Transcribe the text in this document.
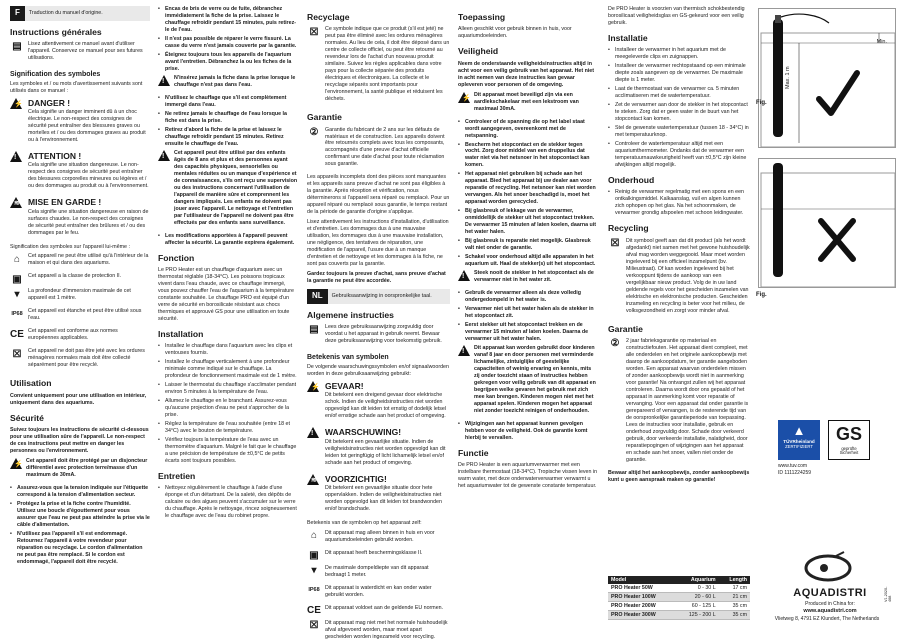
F	Traduction du manuel d'origine.
Instructions générales
▤	Lisez attentivement ce manuel avant d'utiliser l'appareil. Conservez ce manuel pour ses futures utilisations.

Signification des symboles

Les symboles et / ou mots d'avertissement suivants sont utilisés dans ce manuel :

⚡ DANGER !

Cela signifie un danger imminent dû à un choc électrique. Le non-respect des consignes de sécurité peut entraîner des blessures graves ou mortelles et / ou des dommages graves au produit ou à l'environnement.

! ATTENTION !

Cela signifie une situation dangereuse. Le non-respect des consignes de sécurité peut entraîner des blessures corporelles mineures ou légères et / ou des dommages au produit ou à l'environnement.

≋ MISE EN GARDE !

Cela signifie une situation dangereuse en raison de surfaces chaudes. Le non-respect des consignes de sécurité peut entraîner des brûlures et / ou des dommages par le feu.

Signification des symboles sur l'appareil lui-même :

⌂	Cet appareil ne peut être utilisé qu'à l'intérieur de la maison et qui dans des aquariums.

▣	Cet appareil a la classe de protection II.

▾	La profondeur d'immersion maximale de cet appareil est 1 mètre.

IP68 Cet appareil est étanche et peut être utilisé sous l'eau.

CE Cet appareil est conforme aux normes européennes applicables.

☒	Cet appareil ne doit pas être jeté avec les ordures ménagères normales mais doit être collecté séparément pour être recyclé.

Utilisation

Convient uniquement pour une utilisation en intérieur, uniquement dans des aquariums.

Sécurité

Suivez toujours les instructions de sécurité ci-dessous pour une utilisation sûre de l'appareil. Le non-respect de ces instructions peut mettre en danger les personnes ou l'environnement.

⚡ Cet appareil doit être protégé par un disjoncteur différentiel avec protection terre/masse d'un maximum de 30mA.

• Assurez-vous que la tension indiquée sur l'étiquette correspond à la tension d'alimentation secteur.
• Protégez la prise et la fiche contre l'humidité. Utilisez une boucle d'égouttement pour vous assurer que l'eau ne peut pas atteindre la prise via le câble d'alimentation.
• N'utilisez pas l'appareil s'il est endommagé. Retournez l'appareil à votre revendeur pour réparation ou recyclage. Le cordon d'alimentation ne peut pas être remplacé. Si le cordon est endommagé, l'appareil doit être recyclé.
• Encas de bris de verre ou de fuite, débranchez immédiatement la fiche de la prise. Laissez le chauffage refroidir pendant 15 minutes, puis retirez-le de l'eau.
• Il n'est pas possible de réparer le verre fissuré. La casse du verre n'est jamais couverte par la garantie.
• Éteignez toujours tous les appareils de l'aquarium avant l'entretien. Débranchez la ou les fiches de la prise.
! N'insérez jamais la fiche dans la prise lorsque le chauffage n'est pas dans l'eau.

• N'utilisez le chauffage que s'il est complètement immergé dans l'eau.
• Ne retirez jamais le chauffage de l'eau lorsque la fiche est dans la prise.
• Retirez d'abord la fiche de la prise et laissez le chauffage refroidir pendant 15 minutes. Retirez ensuite le chauffage de l'eau.
! Cet appareil peut être utilisé par des enfants âgés de 8 ans et plus et des personnes ayant des capacités physiques, sensorielles ou mentales réduites ou un manque d'expérience et de connaissances, s'ils ont reçu une supervision ou des instructions concernant l'utilisation de l'appareil de manière sûre et comprennent les dangers impliqués. Les enfants ne doivent pas jouer avec l'appareil. Le nettoyage et l'entretien par l'utilisateur de l'appareil ne doivent pas être effectués par des enfants sans surveillance.

• Les modifications apportées à l'appareil peuvent affecter la sécurité. La garantie expirera également.
Fonction

Le PRO Heater est un chauffage d'aquarium avec un thermostat réglable (18-34°C). Les poissons tropicaux vivent dans l'eau chaude, avec ce chauffage immergé, vous pouvez chauffer l'eau de l'aquarium à la température constante souhaitée. Le chauffage PRO est équipé d'un verre de sécurité en borosilicate résistant aux chocs thermiques et approuvé GS pour une utilisation en toute sécurité.

Installation
• Installez le chauffage dans l'aquarium avec les clips et ventouses fournis.
• Installez le chauffage verticalement à une profondeur minimale comme indiqué sur le chauffage. La profondeur de fonctionnement maximale est de 1 mètre.
• Laisser le thermostat du chauffage s'acclimater pendant environ 5 minutes à la température de l'eau.
• Allumez le chauffage en le branchant. Assurez-vous qu'aucune projection d'eau ne peut s'approcher de la prise.
• Réglez la température de l'eau souhaitée (entre 18 et 34°C) avec le bouton de température.
• Vérifiez toujours la température de l'eau avec un thermomètre d'aquarium. Malgré le fait que le chauffage a une précision de température de ±0,5°C de petits écarts sont toujours possibles.
Entretien
• Nettoyez régulièrement le chauffage à l'aide d'une éponge et d'un détartrant. De la saleté, des dépôts de calcaire ou des algues peuvent s'accumuler sur le verre du chauffage. Après le nettoyage, rincez soigneusement le chauffage avec de l'eau du robinet propre.
Recyclage
☒	Ce symbole indique que ce produit (s'il est jeté) ne peut pas être éliminé avec les ordures ménagères normales. Au lieu de cela, il doit être déposé dans un centre de collecte officiel, ou peut être retourné au revendeur lors de l'achat d'un nouveau produit similaire. Suivez les règles applicables dans votre pays pour la collecte séparée des produits électriques et électroniques. La collecte et le recyclage séparés sont importants pour l'environnement, la santé publique et réduisent les déchets.

Garantie
②	Garantie du fabricant de 2 ans sur les défauts de matériaux et de construction. Les appareils doivent être retournés complets avec tous les composants, accompagnés d'une preuve d'achat officielle confirmant une date d'achat pour toute réclamation sous garantie.

Les appareils incomplets dont des pièces sont manquantes et les appareils sans preuve d'achat ne sont pas éligibles à la garantie. Après réception et vérification, nous déterminerons si l'appareil sera réparé ou remplacé. Pour un appareil réparé ou remplacé sous garantie, le temps restant de la période de garantie d'origine s'applique.

Lisez attentivement les instructions d'installation, d'utilisation et d'entretien. Les dommages dus à une mauvaise utilisation, les dommages dus à une mauvaise installation, une négligence, des tentatives de réparation, une modification de l'appareil, l'usure due à un manque d'entretien et de nettoyage et les dommages à la fiche, ne sont pas couverts par la garantie.

Gardez toujours la preuve d'achat, sans preuve d'achat la garantie ne peut être accordée.

NL	Gebruiksaanwijzing in oorspronkelijke taal.
Algemene instructies
▤	Lees deze gebruiksaanwijzing zorgvuldig door voordat u het apparaat in gebruik neemt. Bewaar deze gebruiksaanwijzing voor toekomstig gebruik.

Betekenis van symbolen

De volgende waarschuwingssymbolen en/of signaalwoorden worden in deze gebruiksaanwijzing gebruikt:

⚡ GEVAAR!

Dit betekent een dreigend gevaar door elektrische schok. Indien de veiligheidsinstructies niet worden opgevolgd kan dit leiden tot ernstig of dodelijk letsel en/of ernstige schade aan het product of omgeving.

! WAARSCHUWING!

Dit betekent een gevaarlijke situatie. Indien de veiligheidsinstructies niet worden opgevolgd kan dit leiden tot geringfügig of licht lichamelijk letsel en/of schade aan het product of omgeving.

≋ VOORZICHTIG!

Dit betekent een gevaarlijke situatie door hete oppervlakken. Indien de veiligheidsinstructies niet worden opgevolgd kan dit leiden tot brandwonden en/of brandschade.

Betekenis van de symbolen op het apparaat zelf:

⌂	Dit apparaat mag alleen binnen in huis en voor aquariumdoeleinden gebruikt worden.

▣	Dit apparaat heeft beschermingsklasse II.

▾	De maximale dompeldiepte van dit apparaat bedraagt 1 meter.

IP68 Dit apparaat is waterdicht en kan onder water gebruikt worden.

CE Dit apparaat voldoet aan de geldende EU normen.

☒	Dit apparaat mag niet met het normale huishoudelijk afval afgevoerd worden, maar moet apart gescheiden worden ingezameld voor recycling.

Toepassing

Alleen geschikt voor gebruik binnen in huis, voor aquariumdoeleinden.

Veiligheid

Neem de onderstaande veiligheidsinstructies altijd in acht voor een veilig gebruik van het apparaat. Het niet in acht nemen van deze instructies kan gevaar opleveren voor personen of de omgeving.

⚡ Dit apparaat moet beveiligd zijn via een aardlekschakelaar met een lekstroom van maximaal 30mA.

• Controleer of de spanning die op het label staat wordt aangegeven, overeenkomt met de netspanning.
• Bescherm het stopcontact en de stekker tegen vocht. Zorg door middel van een druppellus dat water niet via het netsnoer in het stopcontact kan komen.
• Het apparaat niet gebruiken bij schade aan het apparaat. Bied het apparaat bij uw dealer aan voor reparatie of recycling. Het netsnoer kan niet worden vervangen. Als het snoer beschadigd is, moet het apparaat worden gerecycled.
• Bij glasbreuk of lekkage van de verwarmer, onmiddellijk de stekker uit het stopcontact trekken. De verwarmer 15 minuten af laten koelen, daarna uit het water halen.
• Bij glasbreuk is reparatie niet mogelijk. Glasbreuk valt niet onder de garantie.
• Schakel voor onderhoud altijd alle apparaten in het aquarium uit. Haal de stekker(s) uit het stopcontact.
! Steek nooit de stekker in het stopcontact als de verwarmer niet in het water zit.

• Gebruik de verwarmer alleen als deze volledig ondergedompeld in het water is.
• Verwarmer niet uit het water halen als de stekker in het stopcontact zit.
• Eerst stekker uit het stopcontact trekken en de verwarmer 15 minuten af laten koelen. Daarna de verwarmer uit het water halen.
! Dit apparaat kan worden gebruikt door kinderen vanaf 8 jaar en door personen met verminderde lichamelijke, zintuiglijke of geestelijke capaciteiten of weinig ervaring en kennis, mits zij onder toezicht staan of instructies hebben gekregen voor veilig gebruik van dit apparaat en begrijpen welke gevaren het gebruik met zich mee kan brengen. Kinderen mogen niet met het apparaat spelen. Kinderen mogen het apparaat niet zonder toezicht reinigen of onderhouden.

• Wijzigingen aan het apparaat kunnen gevolgen hebben voor de veiligheid. Ook de garantie komt hierbij te vervallen.
Functie

De PRO Heater is een aquariumverwarmer met een instelbare thermostaat (18-34°C). Tropische vissen leven in warm water, met deze onderwaterverwarmer verwarmt u het aquariumwater tot de gewenste constante temperatuur.

De PRO Heater is voorzien van thermisch schokbestendig borosilicaat veiligheidsglas en GS-gekeurd voor een veilig gebruik.

Installatie
• Installeer de verwarmer in het aquarium met de meegeleverde clips en zuignappen.
• Installeer de verwarmer rechtopstaand op een minimale diepte zoals aangeven op de verwarmer. De maximale diepte is 1 meter.
• Laat de thermostaat van de verwarmer ca. 5 minuten acclimatiseren met de watertemperatuur.
• Zet de verwarmer aan door de stekker in het stopcontact te steken. Zorg dat er geen water in de buurt van het stopcontact kan komen.
• Stel de gewenste watertemperatuur (tussen 18 - 34°C) in met temperatuurknop.
• Controleer de watertemperatuur altijd met een aquariumthermometer. Ondanks dat de verwarmer een temperatuurnauwkeurigheid heeft van ±0,5°C zijn kleine afwijkingen altijd mogelijk.
Onderhoud
• Reinig de verwarmer regelmatig met een spons en een ontkalkingsmiddel. Kalkaanslag, vuil en algen kunnen zich ophopen op het glas. Na het schoonmaken, de verwarmer grondig afspoelen met schoon leidingwater.
Recycling
☒	Dit symbool geeft aan dat dit product (als het wordt afgedankt) niet samen met het gewone huishoudelijk afval mag worden weggegooid. Maar moet worden ingeleverd bij een officieel inzamelpunt (bv. Milieustraat). Of kan worden ingeleverd bij het verkooppunt tijdens de aankoop van een vergelijkbaar nieuw product. Volg de in uw land geldende regels voor het gescheiden inzamelen van elektrische en elektronische producten. Gescheiden inzameling en recycling is beter voor het milieu, de volksgezondheid en zorgt voor minder afval.

Garantie
②	2 jaar fabrieksgarantie op materiaal en constructiefouten. Het apparaat dient compleet, met alle onderdelen en het originele aankoopbewijs met daarop de aankoopdatum, ter garantie aangeboden worden. Een apparaat waarvan onderdelen missen of zonder aankoopbewijs wordt niet in aanmerking voor garantie! Na ontvangst zullen wij het apparaat controleren. Daarna wordt door ons gepaald of het apparaat in aanmerking komt voor reparatie of vervanging. Voor een apparaat dat onder garantie is gerepareerd of vervangen, is de resterende tijd van de oorspronkelijke garantieperiode van toepassing. Lees de instructies voor installatie, gebruik en onderhoud zorgvuldig door. Schade door verkeerd gebruik, door verkeerde installatie, nalatigheid, door reparatiepogingen of wijzigingen aan het apparaat en schade aan het snoer, vallen niet onder de garantie.

Bewaar altijd het aankoopbewijs, zonder aankoopbewijs kunt u geen aanspraak maken op garantie!

Model	Aquarium	Length
PRO Heater 50W	0 - 30 L	17 cm
PRO Heater 100W	20 - 60 L	21 cm
PRO Heater 200W	60 - 125 L	35 cm
PRO Heater 300W	125 - 200 L	35 cm
Min.
Max. 1 m
Fig.
Fig.
▲
TÜVRheinland
ZERTIFIZIERT
GS
geprüfte
Sicherheit
www.tuv.com
ID 1111224259
AQUADISTRI
Produced in China for:
www.aquadistri.com
Vlietweg 8, 4791 EZ Klundert, The Netherlands
V1.2020-468
